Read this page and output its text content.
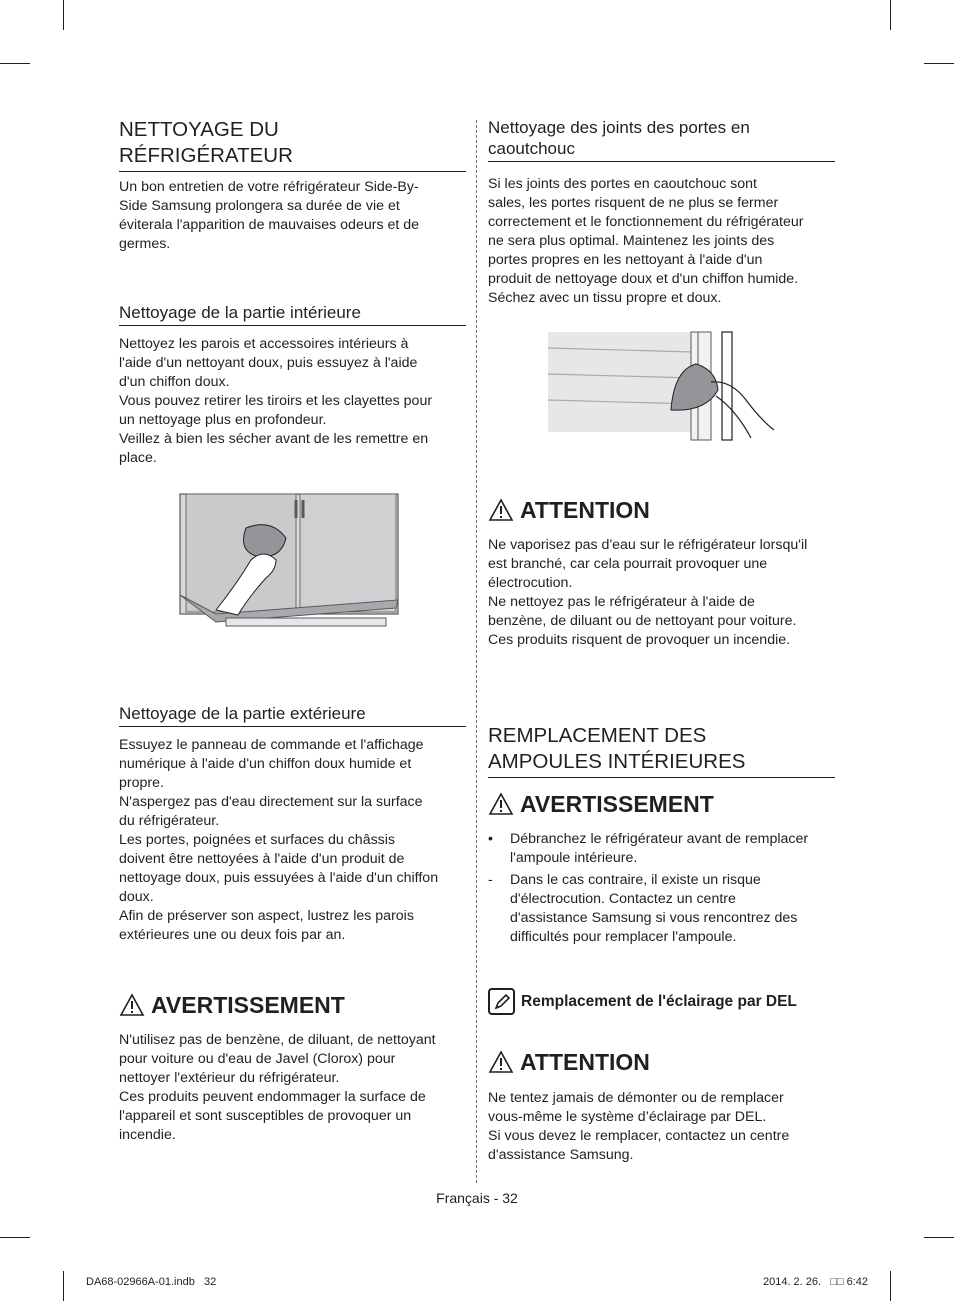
NETTOYAGE DU
RÉFRIGÉRATEUR

Un bon entretien de votre réfrigérateur Side-By-
Side Samsung prolongera sa durée de vie et
éviterala l'apparition de mauvaises odeurs et de
germes.

Nettoyage de la partie intérieure

Nettoyez les parois et accessoires intérieurs à
l'aide d'un nettoyant doux, puis essuyez à l'aide
d'un chiffon doux.
Vous pouvez retirer les tiroirs et les clayettes pour
un nettoyage plus en profondeur.
Veillez à bien les sécher avant de les remettre en
place.

Nettoyage de la partie extérieure

Essuyez le panneau de commande et l'affichage
numérique à l'aide d'un chiffon doux humide et
propre.
N'aspergez pas d'eau directement sur la surface
du réfrigérateur.
Les portes, poignées et surfaces du châssis
doivent être nettoyées à l'aide d'un produit de
nettoyage doux, puis essuyées à l'aide d'un chiffon
doux.
Afin de préserver son aspect, lustrez les parois
extérieures une ou deux fois par an.

AVERTISSEMENT

N'utilisez pas de benzène, de diluant, de nettoyant
pour voiture ou d'eau de Javel (Clorox) pour
nettoyer l'extérieur du réfrigérateur.
Ces produits peuvent endommager la surface de
l'appareil et sont susceptibles de provoquer un
incendie.

Nettoyage des joints des portes en
caoutchouc

Si les joints des portes en caoutchouc sont
sales, les portes risquent de ne plus se fermer
correctement et le fonctionnement du réfrigérateur
ne sera plus optimal. Maintenez les joints des
portes propres en les nettoyant à l'aide d'un
produit de nettoyage doux et d'un chiffon humide.
Séchez avec un tissu propre et doux.

ATTENTION

Ne vaporisez pas d'eau sur le réfrigérateur lorsqu'il
est branché, car cela pourrait provoquer une
électrocution.
Ne nettoyez pas le réfrigérateur à l'aide de
benzène, de diluant ou de nettoyant pour voiture.
Ces produits risquent de provoquer un incendie.

REMPLACEMENT DES
AMPOULES INTÉRIEURES
AVERTISSEMENT
•	Débranchez le réfrigérateur avant de remplacer
l'ampoule intérieure.
-	Dans le cas contraire, il existe un risque
d'électrocution. Contactez un centre
d'assistance Samsung si vous rencontrez des
difficultés pour remplacer l'ampoule.
Remplacement de l'éclairage par DEL
ATTENTION

Ne tentez jamais de démonter ou de remplacer
vous-même le système d’éclairage par DEL.
Si vous devez le remplacer, contactez un centre
d'assistance Samsung.

Français - 32
DA68-02966A-01.indb   32	2014. 2. 26.   □□ 6:42
